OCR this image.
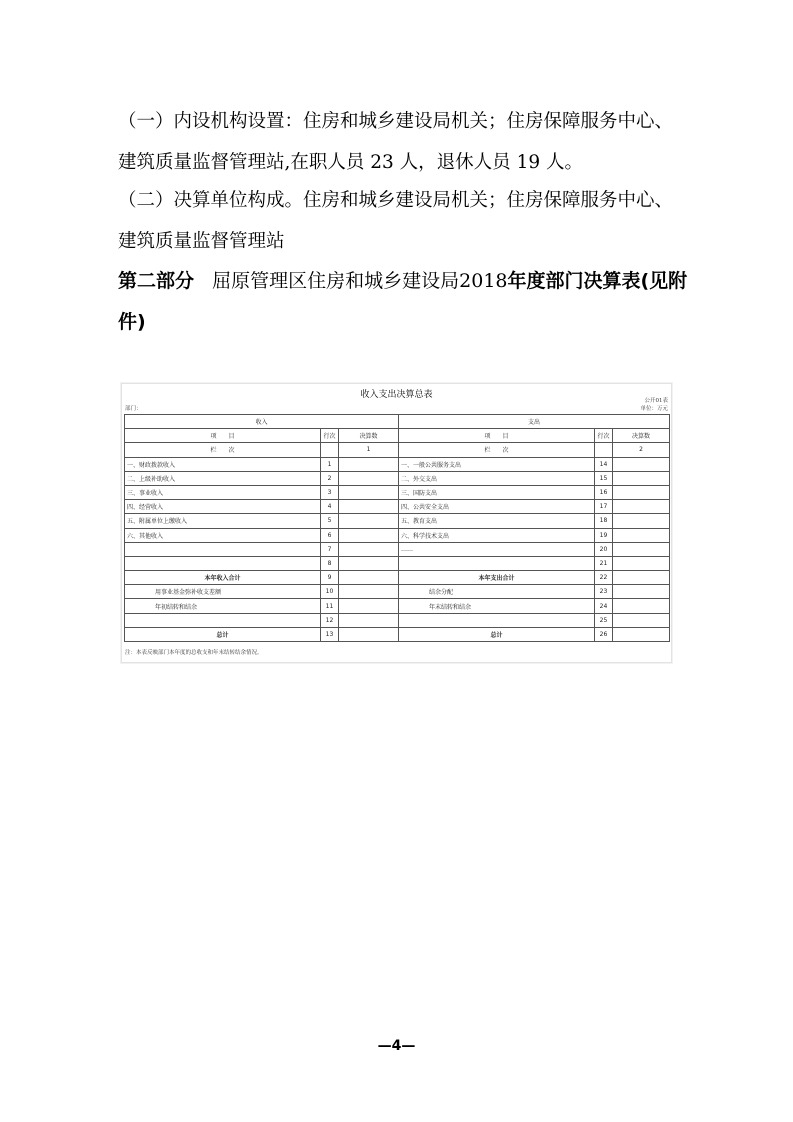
（一）内设机构设置：住房和城乡建设局机关；住房保障服务中心、
建筑质量监督管理站,在职人员 23 人，退休人员 19 人。
（二）决算单位构成。住房和城乡建设局机关；住房保障服务中心、
建筑质量监督管理站
第二部分 屈原管理区住房和城乡建设局2018年度部门决算表(见附
件)
收入支出决算总表
公开01表
部门：	单位：万元
收入			支出		
项　　目	行次	决算数	项　　目	行次	决算数
栏　　次		1	栏　　次		2
一、财政拨款收入	1		一、一般公共服务支出	14	
二、上级补助收入	2		二、外交支出	15	
三、事业收入	3		三、国防支出	16	
四、经营收入	4		四、公共安全支出	17	
五、附属单位上缴收入	5		五、教育支出	18	
六、其他收入	6		六、科学技术支出	19	
	7		……	20	
	8			21	
本年收入合计	9		本年支出合计	22	
用事业基金弥补收支差额	10		结余分配	23	
年初结转和结余	11		年末结转和结余	24	
	12			25	
总计	13		总计	26	
注：本表反映部门本年度的总收支和年末结转结余情况。
—4—
